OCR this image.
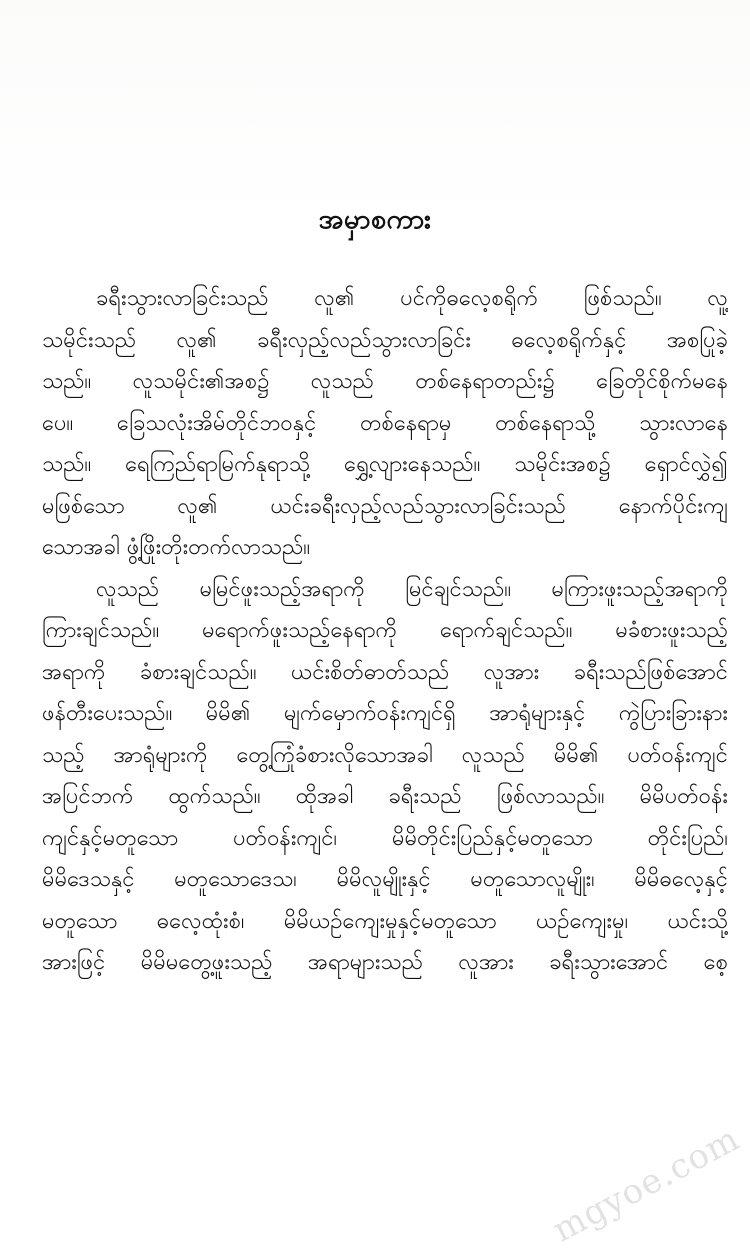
အမှာစကား
ခရီးသွားလာခြင်းသည် လူ၏ ပင်ကိုဓလေ့စရိုက် ဖြစ်သည်။ လူ့
သမိုင်းသည် လူ၏ ခရီးလှည့်လည်သွားလာခြင်း ဓလေ့စရိုက်နှင့် အစပြုခဲ့
သည်။ လူသမိုင်း၏အစ၌ လူသည် တစ်နေရာတည်း၌ ခြေတိုင်စိုက်မနေ
ပေ။ ခြေသလုံးအိမ်တိုင်ဘဝနှင့် တစ်နေရာမှ တစ်နေရာသို့ သွားလာနေ
သည်။ ရေကြည်ရာမြက်နုရာသို့ ရွှေ့လျားနေသည်။ သမိုင်းအစ၌ ရှောင်လွှဲ၍
မဖြစ်သော လူ၏ ယင်းခရီးလှည့်လည်သွားလာခြင်းသည် နောက်ပိုင်းကျ
သောအခါ ဖွံ့ဖြိုးတိုးတက်လာသည်။
လူသည် မမြင်ဖူးသည့်အရာကို မြင်ချင်သည်။ မကြားဖူးသည့်အရာကို
ကြားချင်သည်။ မရောက်ဖူးသည့်နေရာကို ရောက်ချင်သည်။ မခံစားဖူးသည့်
အရာကို ခံစားချင်သည်။ ယင်းစိတ်ဓာတ်သည် လူအား ခရီးသည်ဖြစ်အောင်
ဖန်တီးပေးသည်။ မိမိ၏ မျက်မှောက်ဝန်းကျင်ရှိ အာရုံများနှင့် ကွဲပြားခြားနား
သည့် အာရုံများကို တွေ့ကြုံခံစားလိုသောအခါ လူသည် မိမိ၏ ပတ်ဝန်းကျင်
အပြင်ဘက် ထွက်သည်။ ထိုအခါ ခရီးသည် ဖြစ်လာသည်။ မိမိပတ်ဝန်း
ကျင်နှင့်မတူသော ပတ်ဝန်းကျင်၊ မိမိတိုင်းပြည်နှင့်မတူသော တိုင်းပြည်၊
မိမိဒေသနှင့် မတူသောဒေသ၊ မိမိလူမျိုးနှင့် မတူသောလူမျိုး၊ မိမိဓလေ့နှင့်
မတူသော ဓလေ့ထုံးစံ၊ မိမိယဉ်ကျေးမှုနှင့်မတူသော ယဉ်ကျေးမှု၊ ယင်းသို့
အားဖြင့် မိမိမတွေ့ဖူးသည့် အရာများသည် လူအား ခရီးသွားအောင် စေ့
mgyoe.com
